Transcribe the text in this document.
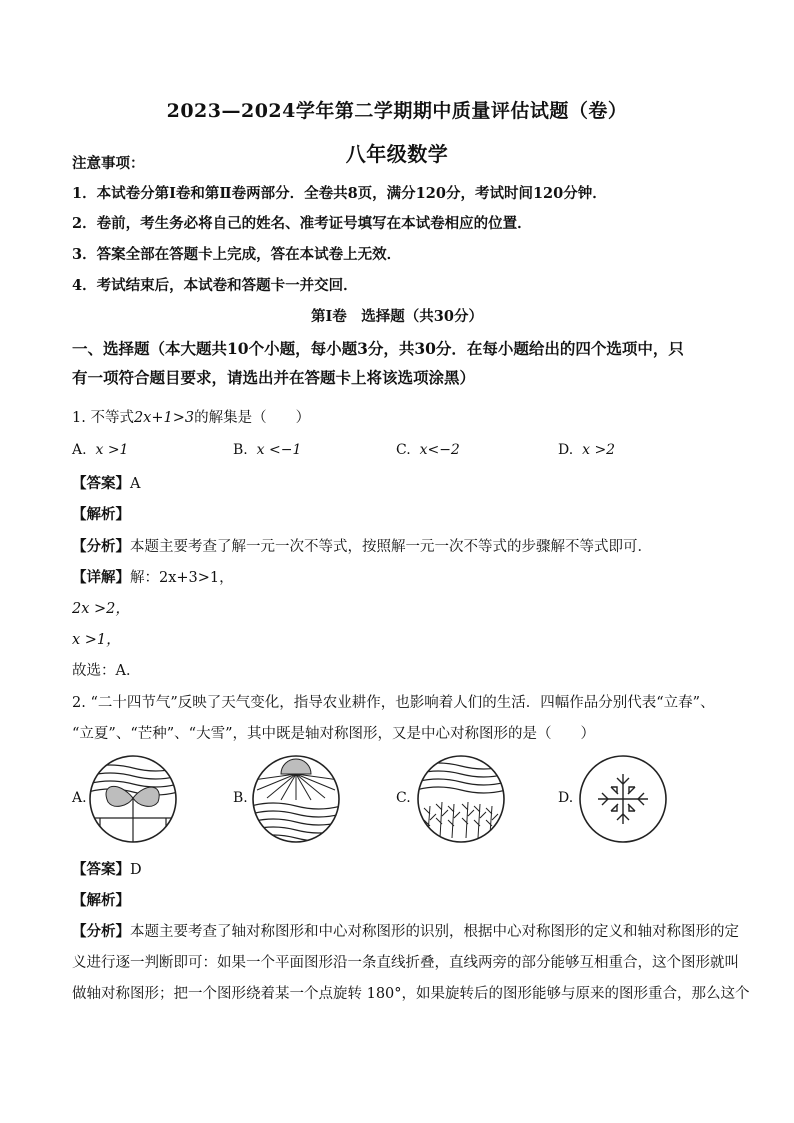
2023—2024学年第二学期期中质量评估试题（卷）
八年级数学
注意事项：
1．本试卷分第Ⅰ卷和第Ⅱ卷两部分．全卷共8页，满分120分，考试时间120分钟．
2．卷前，考生务必将自己的姓名、准考证号填写在本试卷相应的位置．
3．答案全部在答题卡上完成，答在本试卷上无效．
4．考试结束后，本试卷和答题卡一并交回．
第Ⅰ卷　选择题（共30分）
一、选择题（本大题共10个小题，每小题3分，共30分．在每小题给出的四个选项中，只
有一项符合题目要求，请选出并在答题卡上将该选项涂黑）
1. 不等式2x+1>3的解集是（　　）
A. x >1	B. x <−1	C. x<−2	D. x >2
【答案】A
【解析】
【分析】本题主要考查了解一元一次不等式，按照解一元一次不等式的步骤解不等式即可．
【详解】解：2x+3>1，
2x >2，
x >1，
故选：A．
2. “二十四节气”反映了天气变化，指导农业耕作，也影响着人们的生活．四幅作品分别代表“立春”、
“立夏”、“芒种”、“大雪”，其中既是轴对称图形，又是中心对称图形的是（　　）
A.	B.	C.	D.
【答案】D
【解析】
【分析】本题主要考查了轴对称图形和中心对称图形的识别，根据中心对称图形的定义和轴对称图形的定
义进行逐一判断即可：如果一个平面图形沿一条直线折叠，直线两旁的部分能够互相重合，这个图形就叫
做轴对称图形；把一个图形绕着某一个点旋转 180°，如果旋转后的图形能够与原来的图形重合，那么这个
